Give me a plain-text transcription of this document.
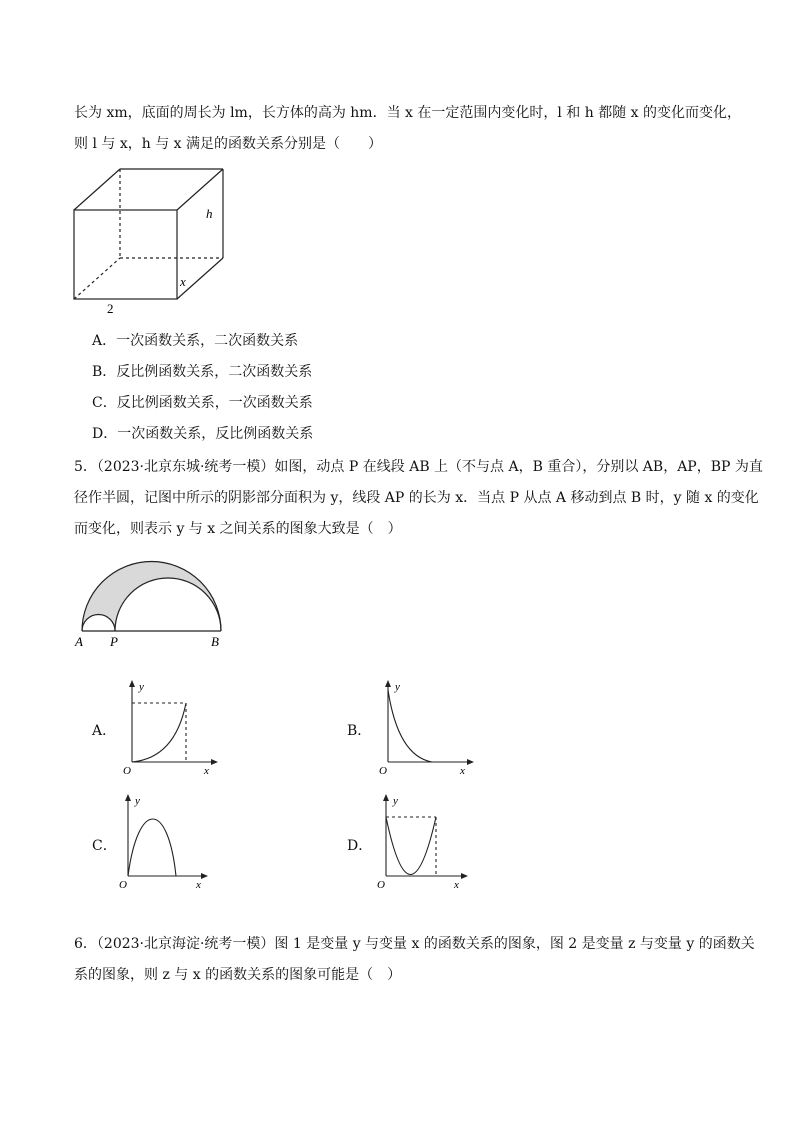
长为 xm，底面的周长为 lm，长方体的高为 hm．当 x 在一定范围内变化时，l 和 h 都随 x 的变化而变化，
则 l 与 x，h 与 x 满足的函数关系分别是（　　）
h
x
2
A．一次函数关系，二次函数关系
B．反比例函数关系，二次函数关系
C．反比例函数关系，一次函数关系
D．一次函数关系，反比例函数关系
5．（2023·北京东城·统考一模）如图，动点 P 在线段 AB 上（不与点 A，B 重合），分别以 AB，AP，BP 为直
径作半圆，记图中所示的阴影部分面积为 y，线段 AP 的长为 x．当点 P 从点 A 移动到点 B 时，y 随 x 的变化
而变化，则表示 y 与 x 之间关系的图象大致是（　）
A P	B
A．
y
x
O
B．
y
x
O
C．
y
x
O
D．
y
x
O
6．（2023·北京海淀·统考一模）图 1 是变量 y 与变量 x 的函数关系的图象，图 2 是变量 z 与变量 y 的函数关
系的图象，则 z 与 x 的函数关系的图象可能是（　）
